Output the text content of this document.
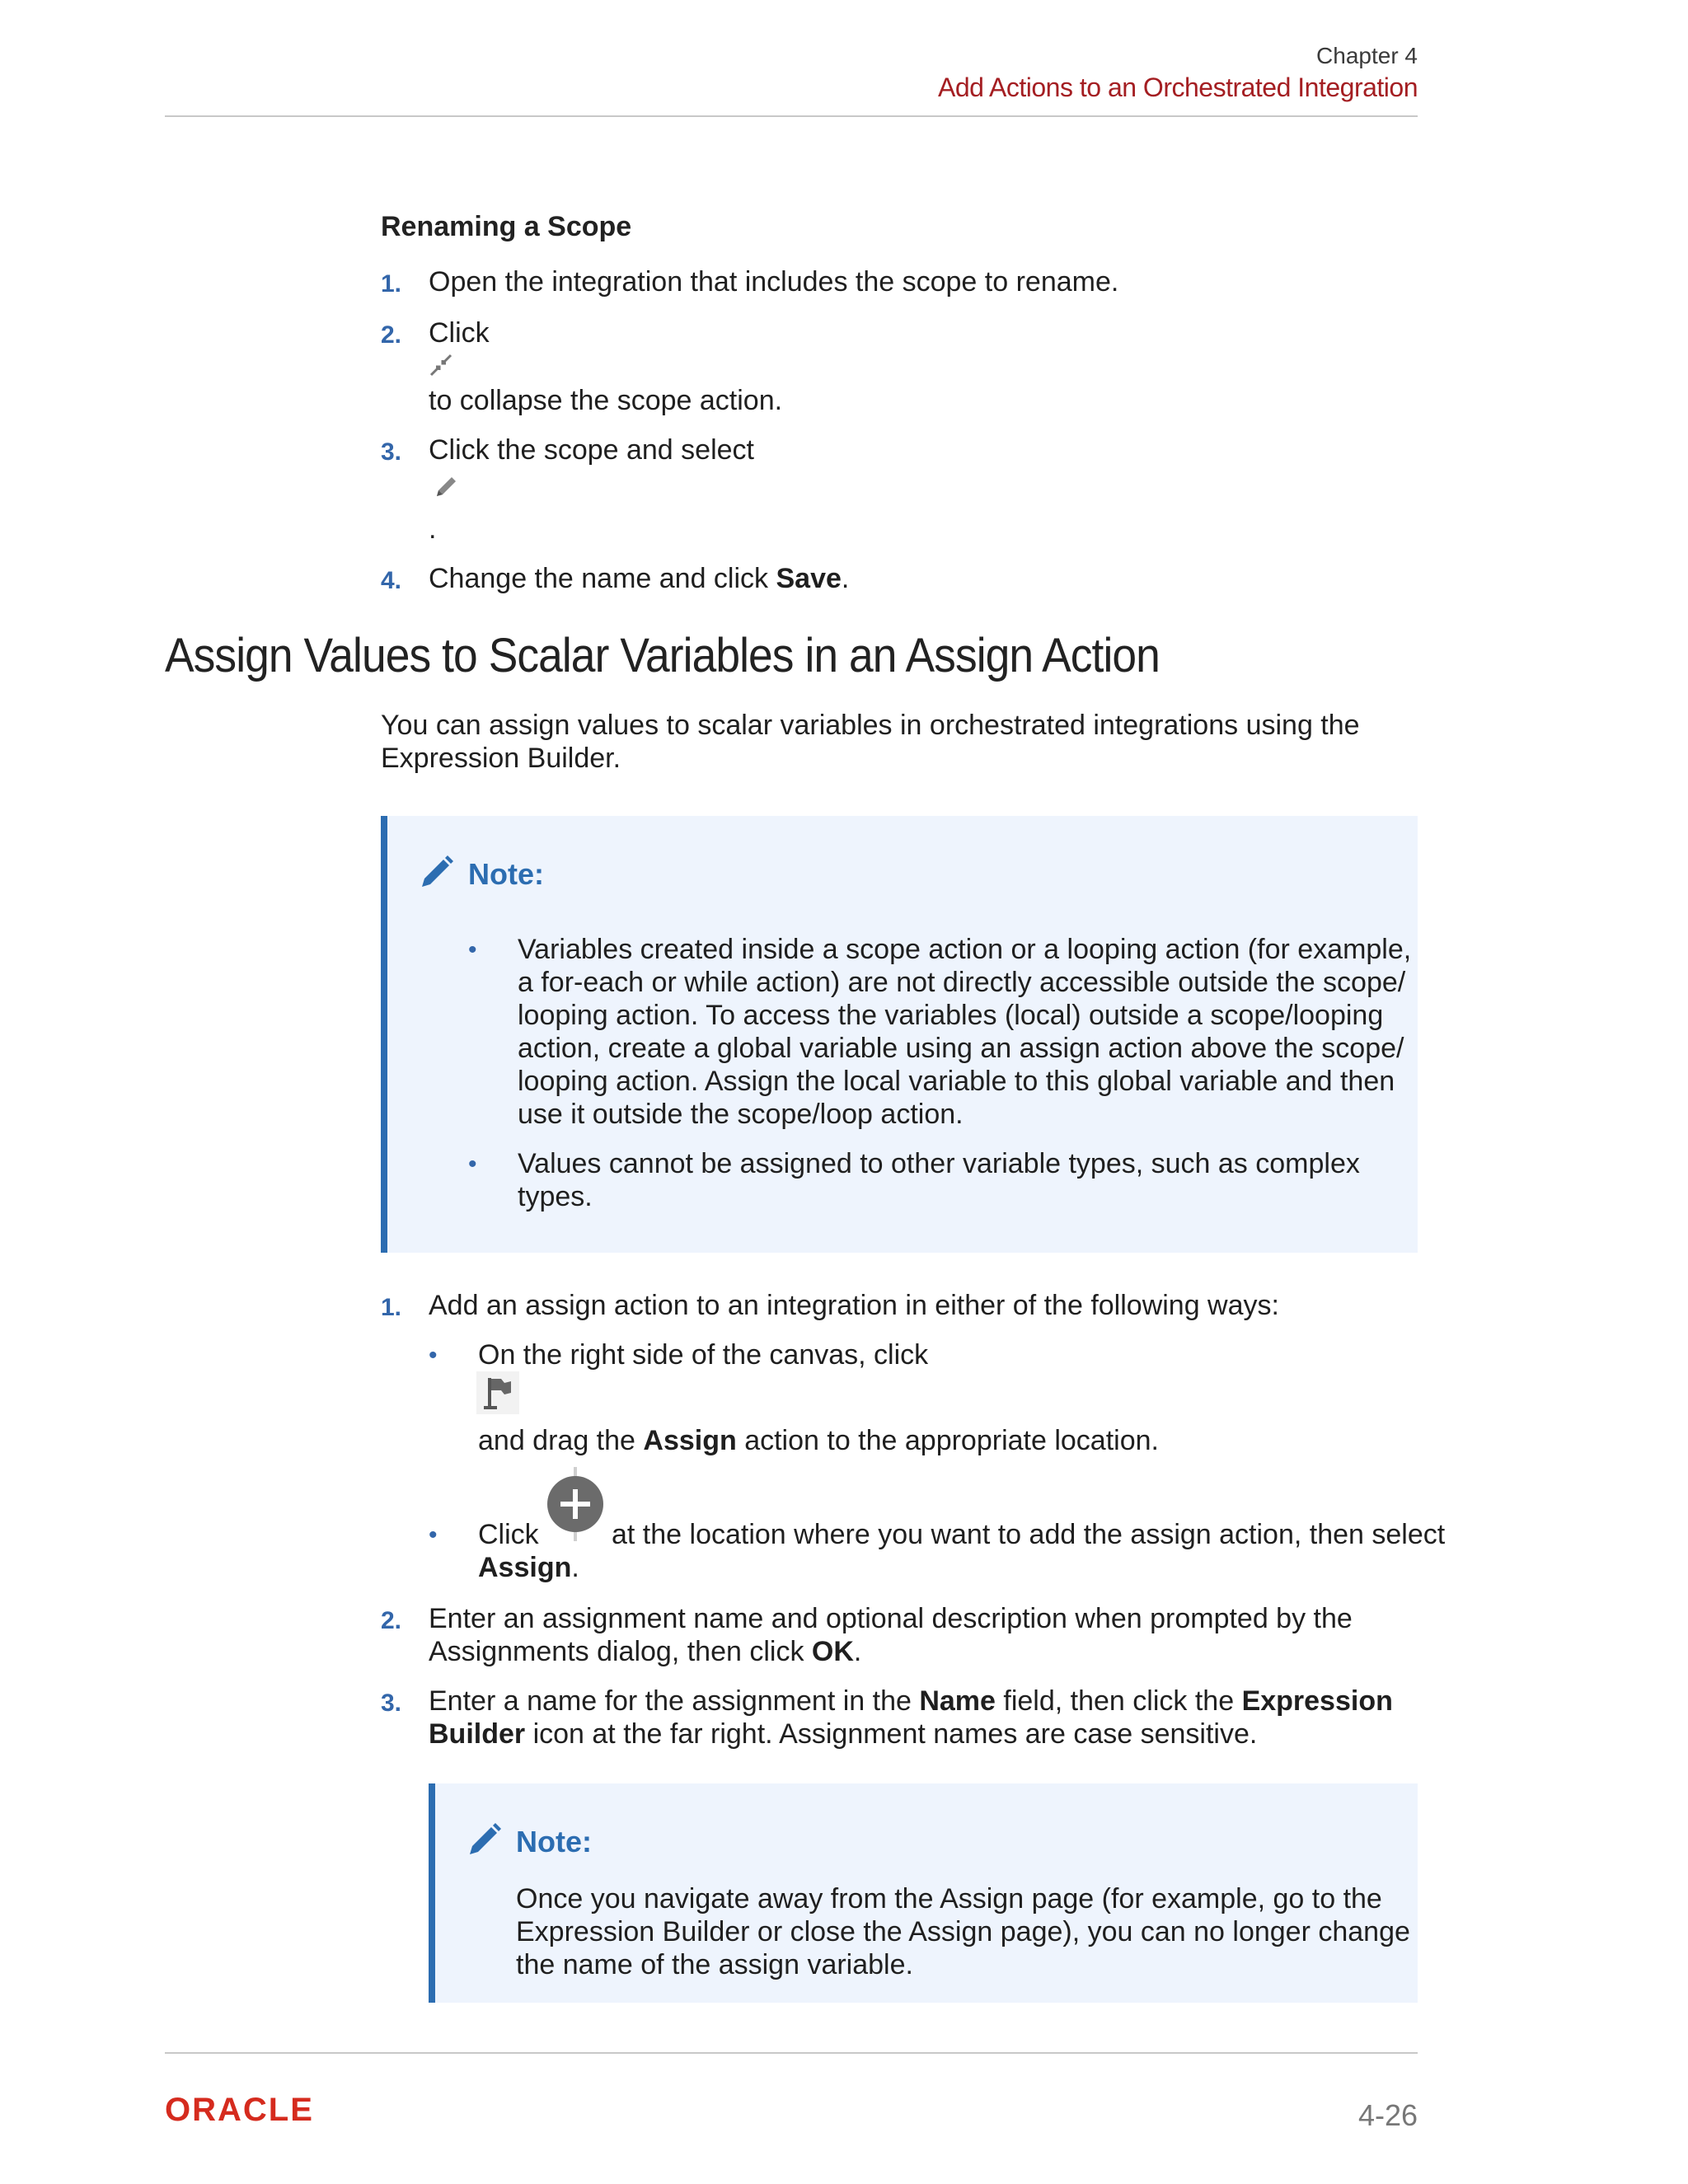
Chapter 4
Add Actions to an Orchestrated Integration
Renaming a Scope
1. Open the integration that includes the scope to rename.
2. Click
to collapse the scope action.
3. Click the scope and select
.
4. Change the name and click Save.
Assign Values to Scalar Variables in an Assign Action
You can assign values to scalar variables in orchestrated integrations using the
Expression Builder.
Note:
• Variables created inside a scope action or a looping action (for example,
a for-each or while action) are not directly accessible outside the scope/
looping action. To access the variables (local) outside a scope/looping
action, create a global variable using an assign action above the scope/
looping action. Assign the local variable to this global variable and then
use it outside the scope/loop action.
• Values cannot be assigned to other variable types, such as complex
types.
1. Add an assign action to an integration in either of the following ways:
• On the right side of the canvas, click
and drag the Assign action to the appropriate location.
• Click	at the location where you want to add the assign action, then select
Assign.
2. Enter an assignment name and optional description when prompted by the
Assignments dialog, then click OK.
3. Enter a name for the assignment in the Name field, then click the Expression
Builder icon at the far right. Assignment names are case sensitive.
Note:
Once you navigate away from the Assign page (for example, go to the
Expression Builder or close the Assign page), you can no longer change
the name of the assign variable.
ORACLE	4-26
